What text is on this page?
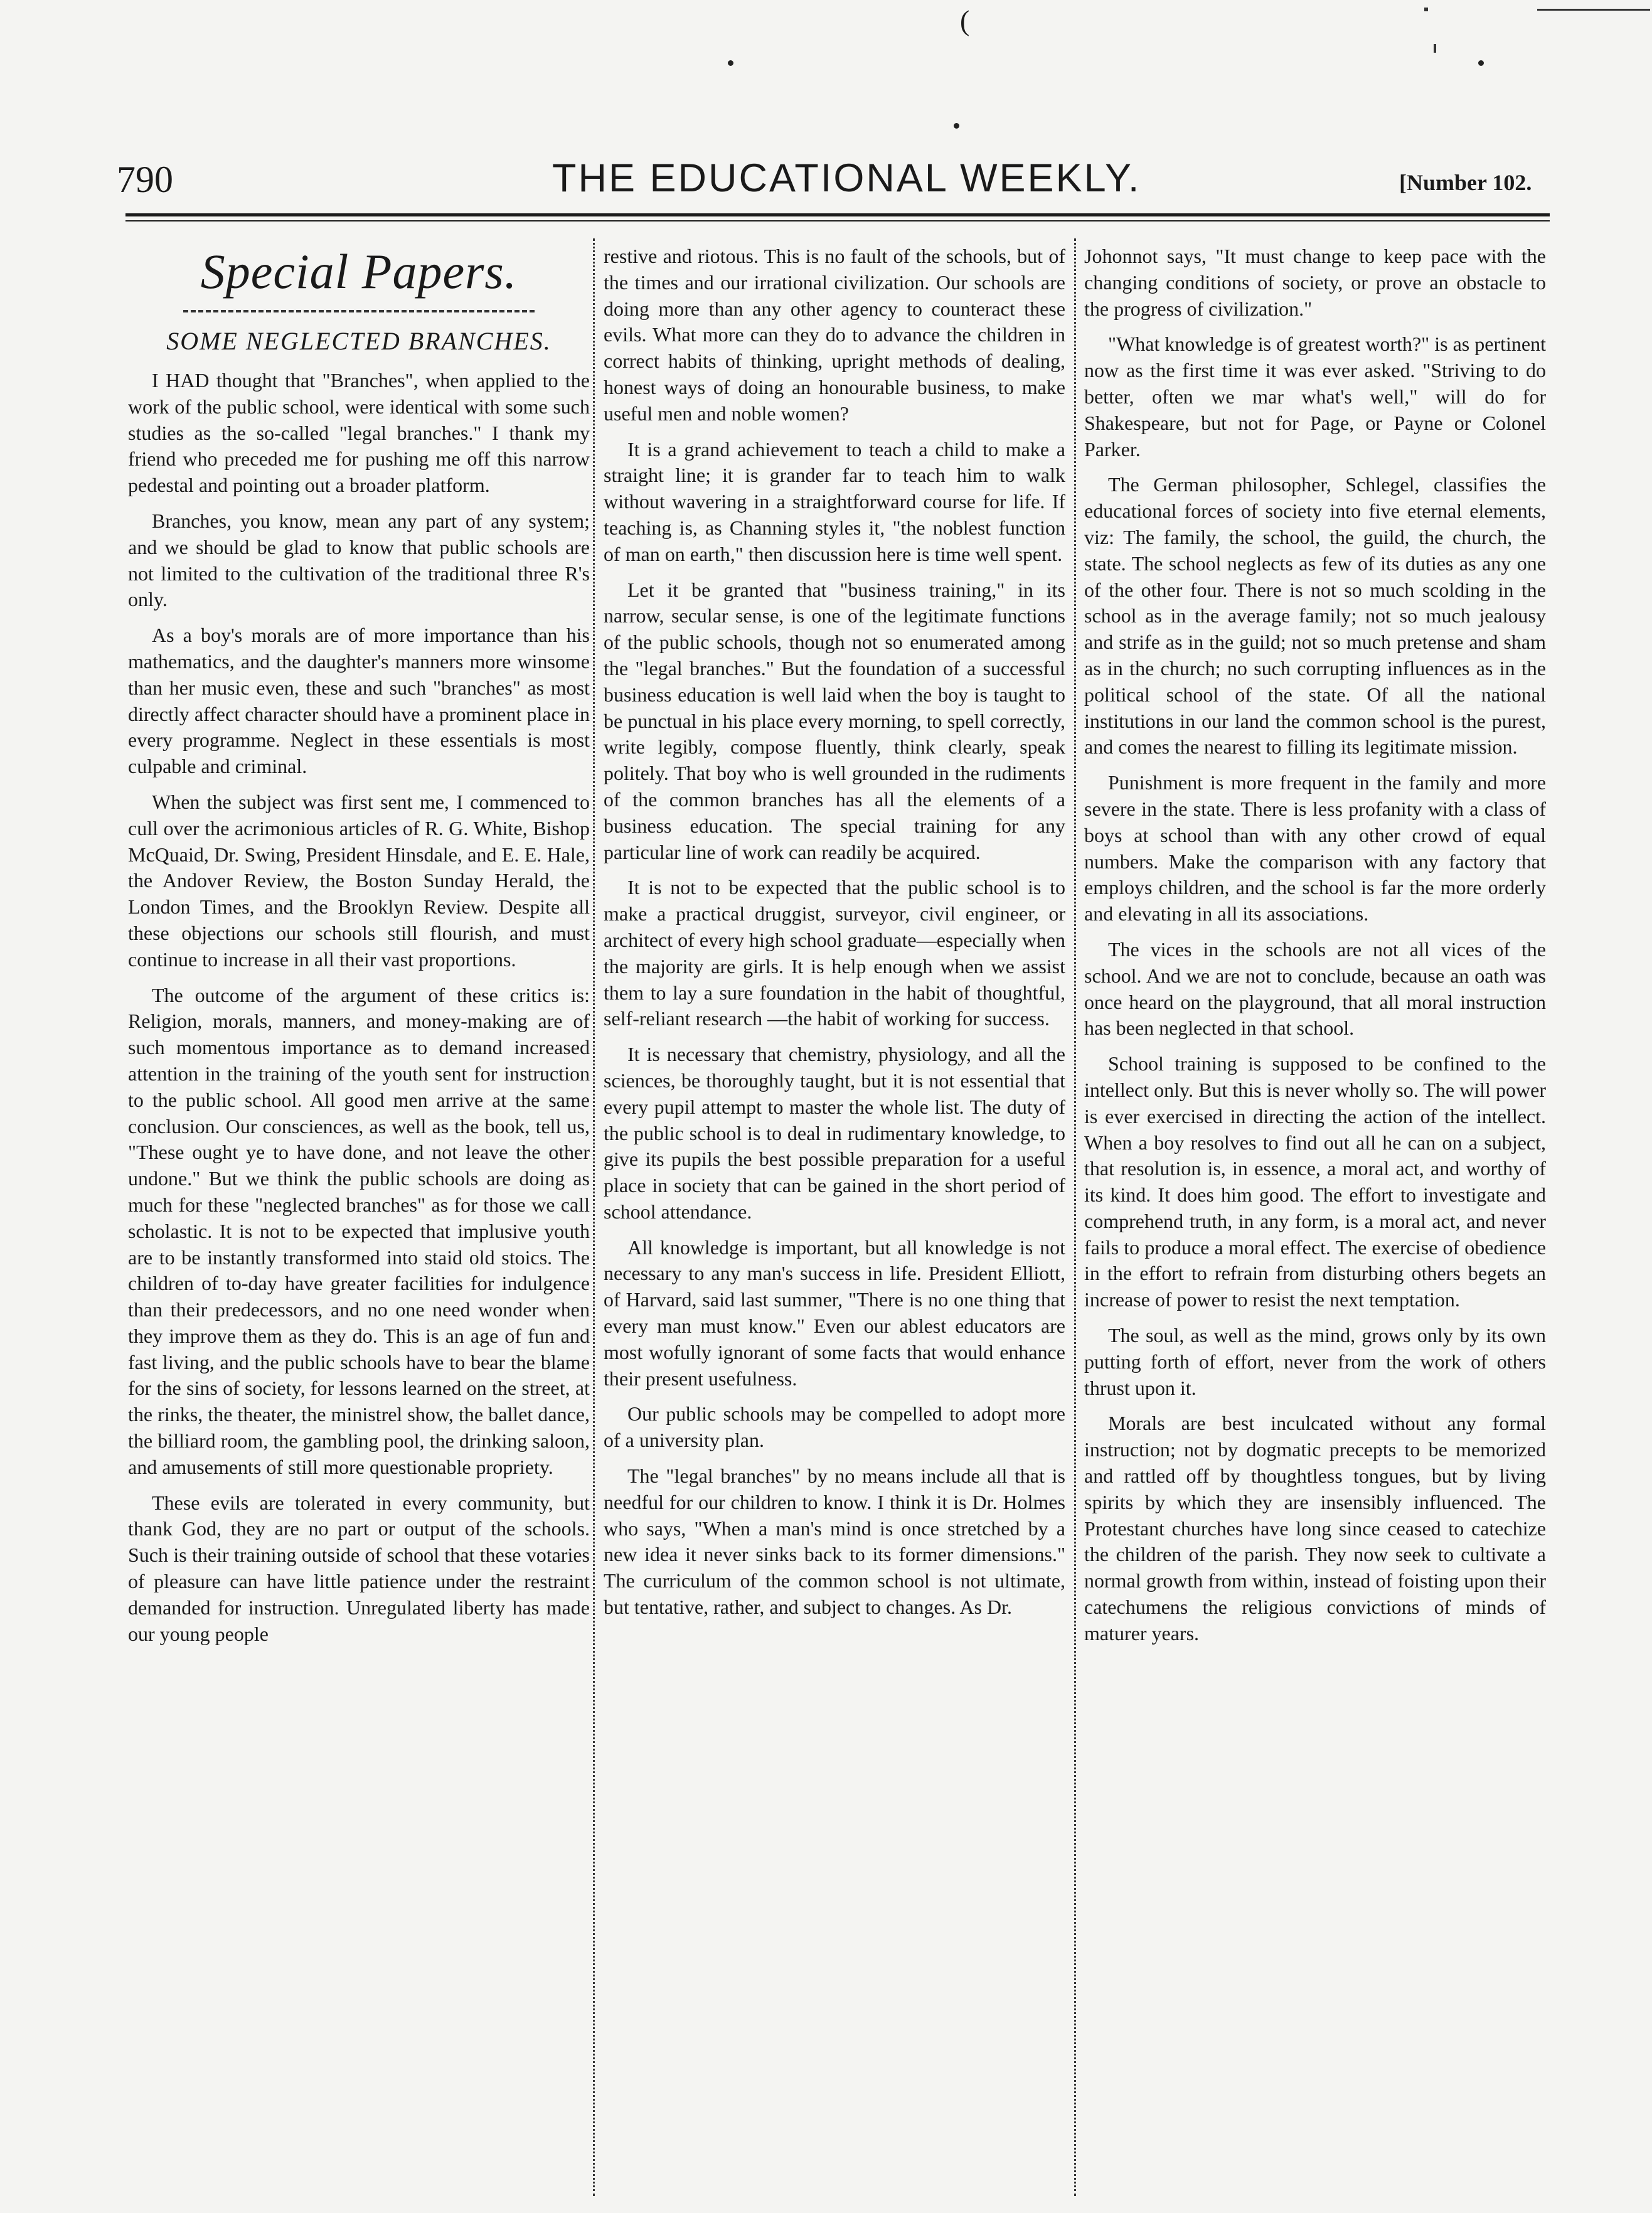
(
790	THE EDUCATIONAL WEEKLY.	[Number 102.
Special Papers.
SOME NEGLECTED BRANCHES.

I HAD thought that "Branches", when applied to the work of the public school, were identical with some such studies as the so-called "legal branches." I thank my friend who preceded me for pushing me off this narrow pedestal and pointing out a broader platform.

Branches, you know, mean any part of any system; and we should be glad to know that public schools are not limited to the cultivation of the traditional three R's only.

As a boy's morals are of more importance than his mathematics, and the daughter's manners more winsome than her music even, these and such "branches" as most directly affect character should have a prominent place in every programme. Neglect in these essentials is most culpable and criminal.

When the subject was first sent me, I commenced to cull over the acrimonious articles of R. G. White, Bishop McQuaid, Dr. Swing, President Hinsdale, and E. E. Hale, the Andover Review, the Boston Sunday Herald, the London Times, and the Brooklyn Review. Despite all these objections our schools still flourish, and must continue to increase in all their vast proportions.

The outcome of the argument of these critics is: Religion, morals, manners, and money-making are of such momentous importance as to demand increased attention in the training of the youth sent for instruction to the public school. All good men arrive at the same conclusion. Our consciences, as well as the book, tell us, "These ought ye to have done, and not leave the other undone." But we think the public schools are doing as much for these "neglected branches" as for those we call scholastic. It is not to be expected that implusive youth are to be instantly transformed into staid old stoics. The children of to-day have greater facilities for indulgence than their predecessors, and no one need wonder when they improve them as they do. This is an age of fun and fast living, and the public schools have to bear the blame for the sins of society, for lessons learned on the street, at the rinks, the theater, the ministrel show, the ballet dance, the billiard room, the gambling pool, the drinking saloon, and amusements of still more questionable propriety.

These evils are tolerated in every community, but thank God, they are no part or output of the schools. Such is their training outside of school that these votaries of pleasure can have little patience under the restraint demanded for instruction. Unregulated liberty has made our young people

restive and riotous. This is no fault of the schools, but of the times and our irrational civilization. Our schools are doing more than any other agency to counteract these evils. What more can they do to advance the children in correct habits of thinking, upright methods of dealing, honest ways of doing an honourable business, to make useful men and noble women?

It is a grand achievement to teach a child to make a straight line; it is grander far to teach him to walk without wavering in a straightforward course for life. If teaching is, as Channing styles it, "the noblest function of man on earth," then discussion here is time well spent.

Let it be granted that "business training," in its narrow, secular sense, is one of the legitimate functions of the public schools, though not so enumerated among the "legal branches." But the foundation of a successful business education is well laid when the boy is taught to be punctual in his place every morning, to spell correctly, write legibly, compose fluently, think clearly, speak politely. That boy who is well grounded in the rudiments of the common branches has all the elements of a business education. The special training for any particular line of work can readily be acquired.

It is not to be expected that the public school is to make a practical druggist, surveyor, civil engineer, or architect of every high school graduate—especially when the majority are girls. It is help enough when we assist them to lay a sure foundation in the habit of thoughtful, self-reliant research —the habit of working for success.

It is necessary that chemistry, physiology, and all the sciences, be thoroughly taught, but it is not essential that every pupil attempt to master the whole list. The duty of the public school is to deal in rudimentary knowledge, to give its pupils the best possible preparation for a useful place in society that can be gained in the short period of school attendance.

All knowledge is important, but all knowledge is not necessary to any man's success in life. President Elliott, of Harvard, said last summer, "There is no one thing that every man must know." Even our ablest educators are most wofully ignorant of some facts that would enhance their present usefulness.

Our public schools may be compelled to adopt more of a university plan.

The "legal branches" by no means include all that is needful for our children to know. I think it is Dr. Holmes who says, "When a man's mind is once stretched by a new idea it never sinks back to its former dimensions." The curriculum of the common school is not ultimate, but tentative, rather, and subject to changes. As Dr.

Johonnot says, "It must change to keep pace with the changing conditions of society, or prove an obstacle to the progress of civilization."

"What knowledge is of greatest worth?" is as pertinent now as the first time it was ever asked. "Striving to do better, often we mar what's well," will do for Shakespeare, but not for Page, or Payne or Colonel Parker.

The German philosopher, Schlegel, classifies the educational forces of society into five eternal elements, viz: The family, the school, the guild, the church, the state. The school neglects as few of its duties as any one of the other four. There is not so much scolding in the school as in the average family; not so much jealousy and strife as in the guild; not so much pretense and sham as in the church; no such corrupting influences as in the political school of the state. Of all the national institutions in our land the common school is the purest, and comes the nearest to filling its legitimate mission.

Punishment is more frequent in the family and more severe in the state. There is less profanity with a class of boys at school than with any other crowd of equal numbers. Make the comparison with any factory that employs children, and the school is far the more orderly and elevating in all its associations.

The vices in the schools are not all vices of the school. And we are not to conclude, because an oath was once heard on the playground, that all moral instruction has been neglected in that school.

School training is supposed to be confined to the intellect only. But this is never wholly so. The will power is ever exercised in directing the action of the intellect. When a boy resolves to find out all he can on a subject, that resolution is, in essence, a moral act, and worthy of its kind. It does him good. The effort to investigate and comprehend truth, in any form, is a moral act, and never fails to produce a moral effect. The exercise of obedience in the effort to refrain from disturbing others begets an increase of power to resist the next temptation.

The soul, as well as the mind, grows only by its own putting forth of effort, never from the work of others thrust upon it.

Morals are best inculcated without any formal instruction; not by dogmatic precepts to be memorized and rattled off by thoughtless tongues, but by living spirits by which they are insensibly influenced. The Protestant churches have long since ceased to catechize the children of the parish. They now seek to cultivate a normal growth from within, instead of foisting upon their catechumens the religious convictions of minds of maturer years.
